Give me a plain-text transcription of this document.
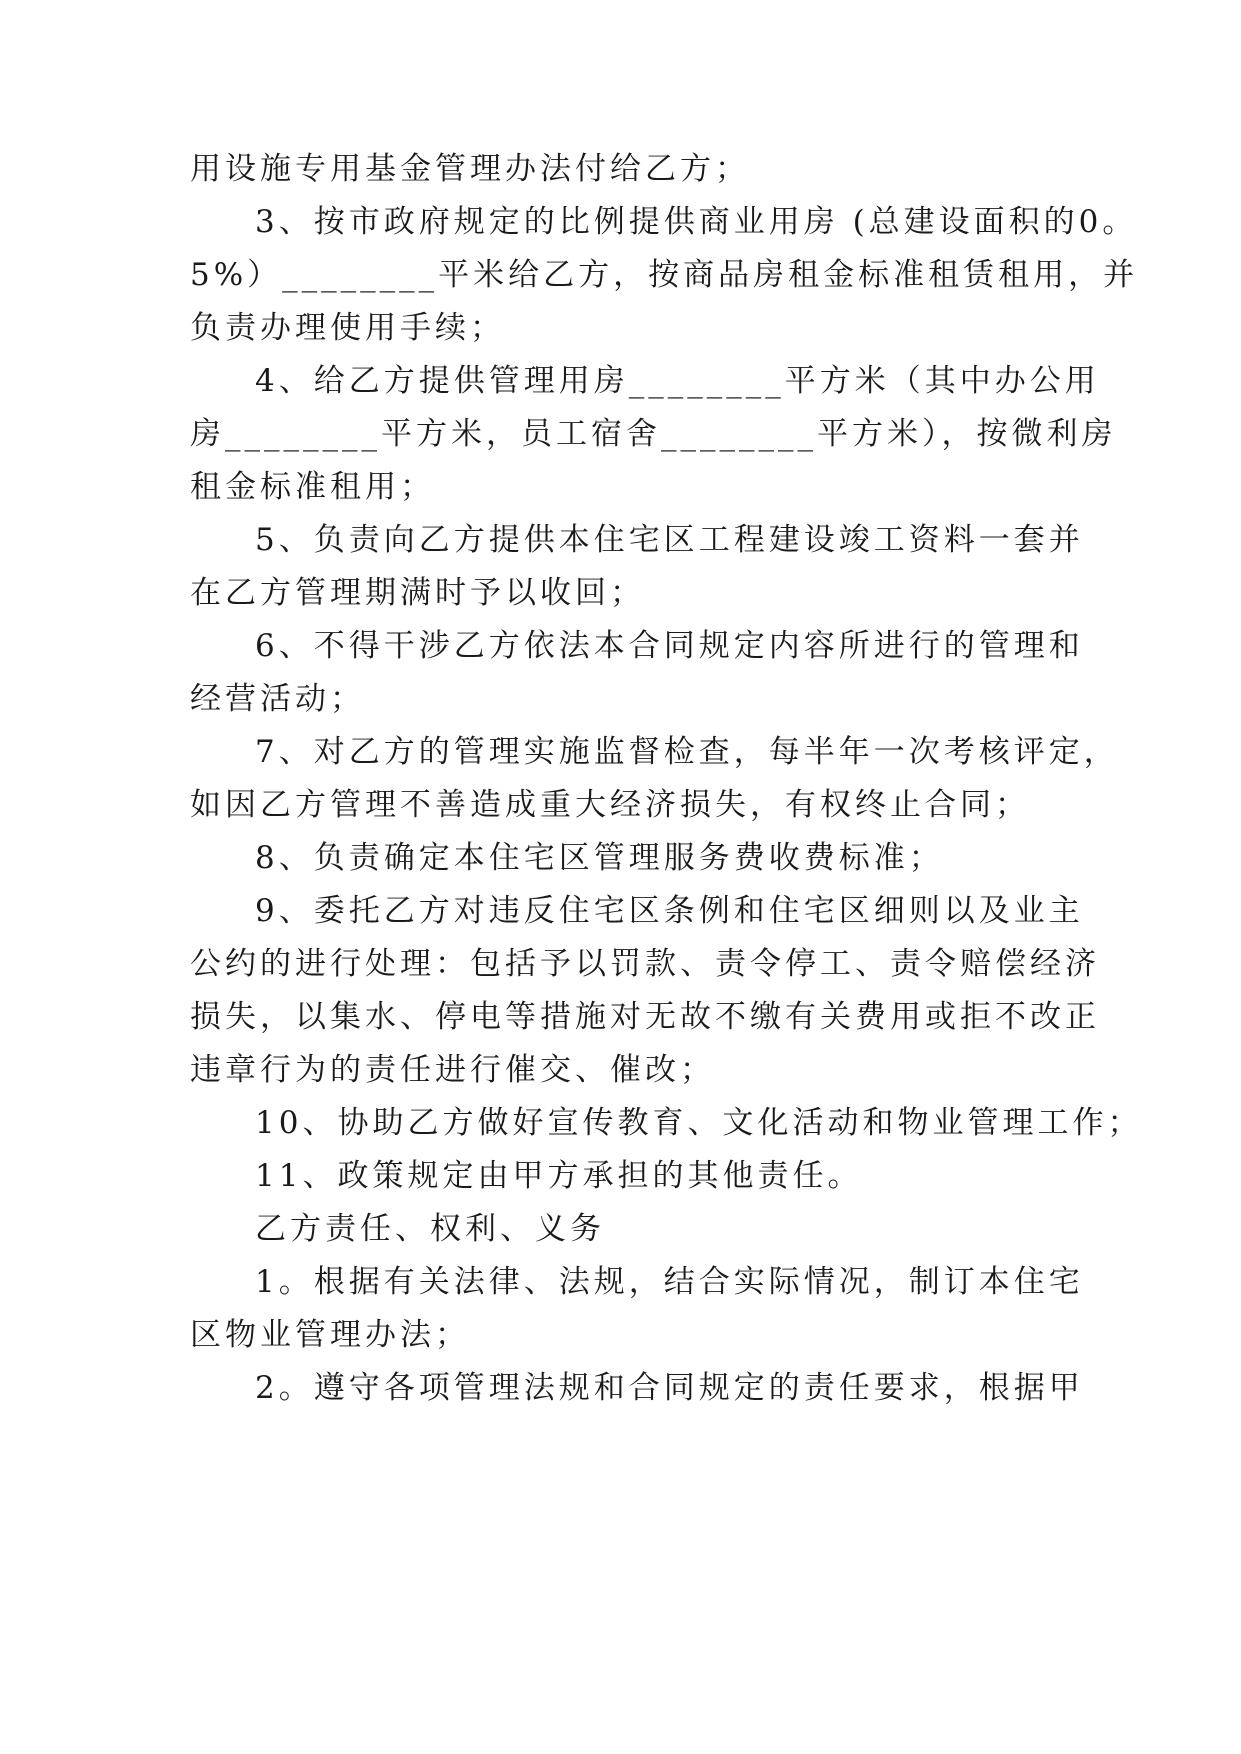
用设施专用基金管理办法付给乙方；
3、按市政府规定的比例提供商业用房 (总建设面积的0。
5%）________平米给乙方，按商品房租金标准租赁租用，并
负责办理使用手续；
4、给乙方提供管理用房________平方米（其中办公用
房________平方米，员工宿舍________平方米），按微利房
租金标准租用；
5、负责向乙方提供本住宅区工程建设竣工资料一套并
在乙方管理期满时予以收回；
6、不得干涉乙方依法本合同规定内容所进行的管理和
经营活动；
7、对乙方的管理实施监督检查，每半年一次考核评定，
如因乙方管理不善造成重大经济损失，有权终止合同；
8、负责确定本住宅区管理服务费收费标准；
9、委托乙方对违反住宅区条例和住宅区细则以及业主
公约的进行处理：包括予以罚款、责令停工、责令赔偿经济
损失，以集水、停电等措施对无故不缴有关费用或拒不改正
违章行为的责任进行催交、催改；
10、协助乙方做好宣传教育、文化活动和物业管理工作；
11、政策规定由甲方承担的其他责任。
乙方责任、权利、义务
1。根据有关法律、法规，结合实际情况，制订本住宅
区物业管理办法；
2。遵守各项管理法规和合同规定的责任要求，根据甲
